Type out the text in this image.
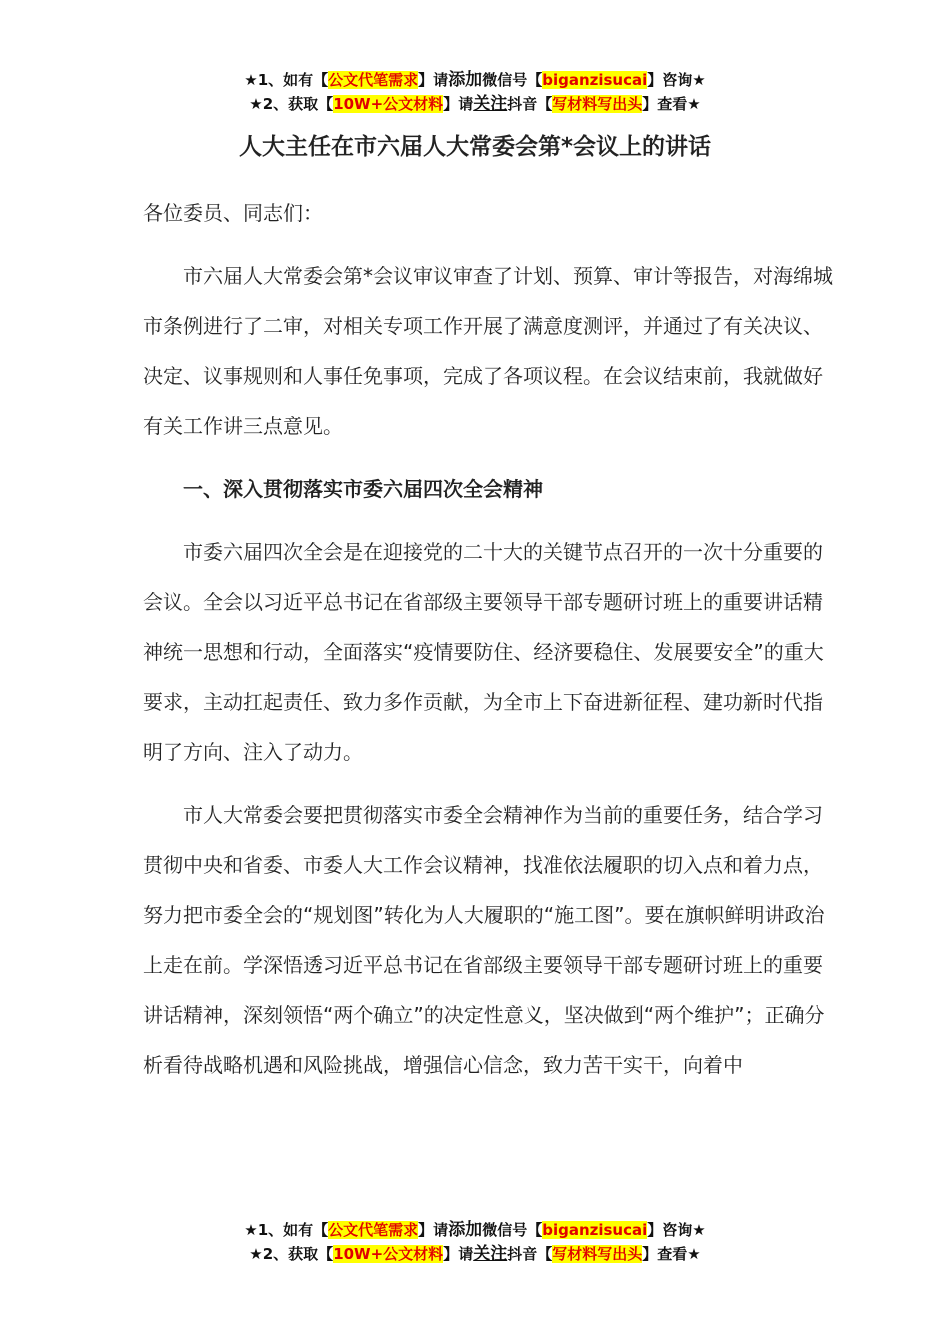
★1、如有【公文代笔需求】请添加微信号【biganzisucai】咨询★
★2、获取【10W+公文材料】请关注抖音【写材料写出头】查看★
人大主任在市六届人大常委会第*会议上的讲话

各位委员、同志们：

市六届人大常委会第*会议审议审查了计划、预算、审计等报告，对海绵城市条例进行了二审，对相关专项工作开展了满意度测评，并通过了有关决议、决定、议事规则和人事任免事项，完成了各项议程。在会议结束前，我就做好有关工作讲三点意见。

一、深入贯彻落实市委六届四次全会精神

市委六届四次全会是在迎接党的二十大的关键节点召开的一次十分重要的会议。全会以习近平总书记在省部级主要领导干部专题研讨班上的重要讲话精神统一思想和行动，全面落实“疫情要防住、经济要稳住、发展要安全”的重大要求，主动扛起责任、致力多作贡献，为全市上下奋进新征程、建功新时代指明了方向、注入了动力。

市人大常委会要把贯彻落实市委全会精神作为当前的重要任务，结合学习贯彻中央和省委、市委人大工作会议精神，找准依法履职的切入点和着力点，努力把市委全会的“规划图”转化为人大履职的“施工图”。要在旗帜鲜明讲政治上走在前。学深悟透习近平总书记在省部级主要领导干部专题研讨班上的重要讲话精神，深刻领悟“两个确立”的决定性意义，坚决做到“两个维护”；正确分析看待战略机遇和风险挑战，增强信心信念，致力苦干实干，向着中

★1、如有【公文代笔需求】请添加微信号【biganzisucai】咨询★
★2、获取【10W+公文材料】请关注抖音【写材料写出头】查看★
